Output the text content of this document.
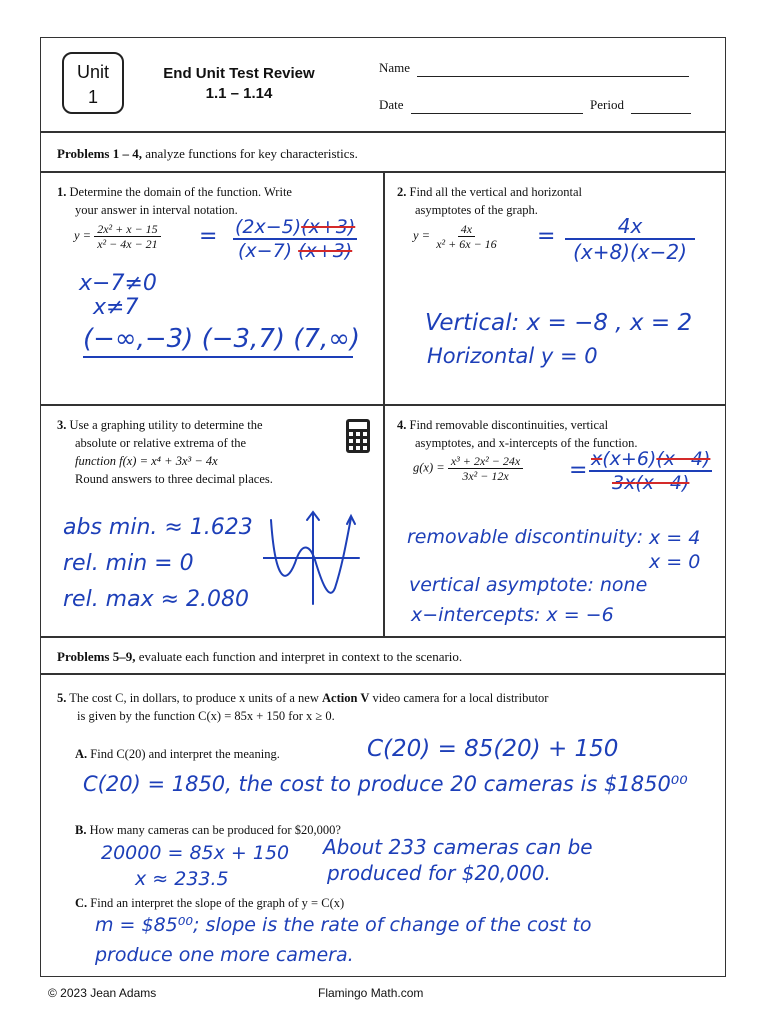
Unit
1
End Unit Test Review
1.1 – 1.14
Name
Date	Period
Problems 1 – 4, analyze functions for key characteristics.
1. Determine the domain of the function. Write
your answer in interval notation.
$y = \frac{\text{2x² + x − 15}}{\text{x² − 4x − 21}} = (2x-5)(x+3)$
(x−7) (x+3)
x−7≠0
x≠7
(−∞,−3) (−3,7) (7,∞)
2. Find all the vertical and horizontal
asymptotes of the graph.
$y = \frac{4x}{\text{x² + 6x − 16}} = \frac{4x}{(x+8)(x-2)}$
Vertical: x = −8 , x = 2
Horizontal y = 0
3. Use a graphing utility to determine the
absolute or relative extrema of the
function f(x) = x⁴ + 3x³ − 4x
Round answers to three decimal places.
abs min. ≈ 1.623
rel. min = 0
rel. max ≈ 2.080
4. Find removable discontinuities, vertical
asymptotes, and x-intercepts of the function.
$g(x) = \frac{\text{x³ + 2x² − 24x}}{\text{3x² − 12x}} = x(x+6)(x-4)$
3x(x−4)
removable discontinuity: x = 4
x = 0
vertical asymptote: none
x−intercepts: x = −6
Problems 5–9, evaluate each function and interpret in context to the scenario.
5. The cost C, in dollars, to produce x units of a new Action V video camera for a local distributor
is given by the function C(x) = 85x + 150 for x ≥ 0.
A. Find C(20) and interpret the meaning.	C(20) = 85(20) + 150
C(20) = 1850, the cost to produce 20 cameras is $1850⁰⁰
B. How many cameras can be produced for $20,000?
20000 = 85x + 150
x ≈ 233.5
About 233 cameras can be
produced for $20,000.
C. Find an interpret the slope of the graph of y = C(x)
m = $85⁰⁰; slope is the rate of change of the cost to
produce one more camera.
© 2023 Jean Adams	Flamingo Math.com
